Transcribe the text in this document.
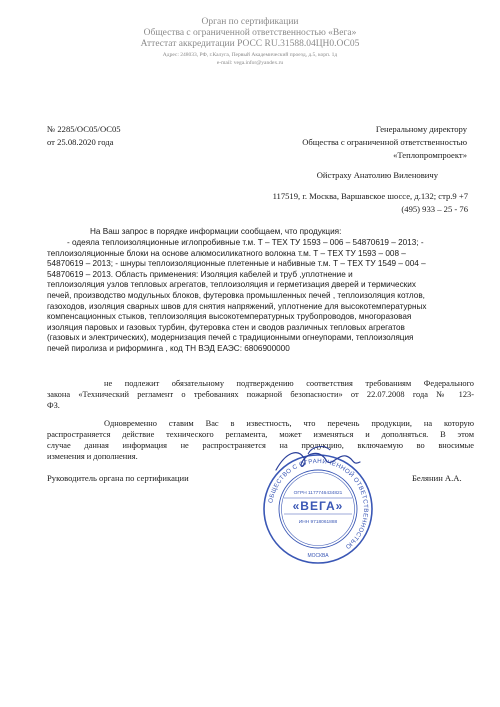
Орган по сертификации
Общества с ограниченной ответственностью «Вега»
Аттестат аккредитации РОСС RU.31588.04ЦН0.ОС05
Адрес: 248033, РФ, г.Калуга, Первый Академический проезд, д.5, корп. 1д
e-mail: vega.infor@yandex.ru
№ 2285/ОС05/ОС05
от 25.08.2020 года
Генеральному директору
Общества с ограниченной ответственностью
«Теплопромпроект»
Ойстраху Анатолию Виленовичу
117519, г. Москва, Варшавское шоссе, д.132; стр.9 +7
(495) 933 – 25 - 76
На Ваш запрос в порядке информации сообщаем, что продукция:
- одеяла теплоизоляционные иглопробивные т.м. Т – ТЕХ ТУ 1593 – 006 – 54870619 – 2013; -
теплоизоляционные блоки на основе алюмосиликатного волокна т.м. Т – ТЕХ ТУ 1593 – 008 –
54870619 – 2013; - шнуры теплоизоляционные плетенные и набивные т.м. Т – ТЕХ ТУ 1549 – 004 –
54870619 – 2013. Область применения: Изоляция кабелей и труб ,уплотнение и
теплоизоляция узлов тепловых агрегатов, теплоизоляция и герметизация дверей и термических
печей, производство модульных блоков, футеровка промышленных печей , теплоизоляция котлов,
газоходов, изоляция сварных швов для снятия напряжений, уплотнение для высокотемпературных
компенсационных стыков, теплоизоляция высокотемпературных трубопроводов, многоразовая
изоляция паровых и газовых турбин, футеровка стен и сводов различных тепловых агрегатов
(газовых и электрических), модернизация печей с традиционными огнеупорами, теплоизоляция
печей пиролиза и риформинга , код ТН ВЭД ЕАЭС: 6806900000
не подлежит обязательному подтверждению соответствия требованиям Федерального
закона «Технический регламент о требованиях пожарной безопасности» от 22.07.2008 года № 123-
ФЗ.
Одновременно ставим Вас в известность, что перечень продукции, на которую
распространяется действие технического регламента, может изменяться и дополняться. В этом
случае данная информация не распространяется на продукцию, включаемую во вносимые
изменения и дополнения.
Руководитель органа по сертификации	Белянин А.А.
ОБЩЕСТВО С ОГРАНИЧЕННОЙ ОТВЕТСТВЕННОСТЬЮ
ОГРН 1177746434821
«ВЕГА»
ИНН 9718061888
МОСКВА
